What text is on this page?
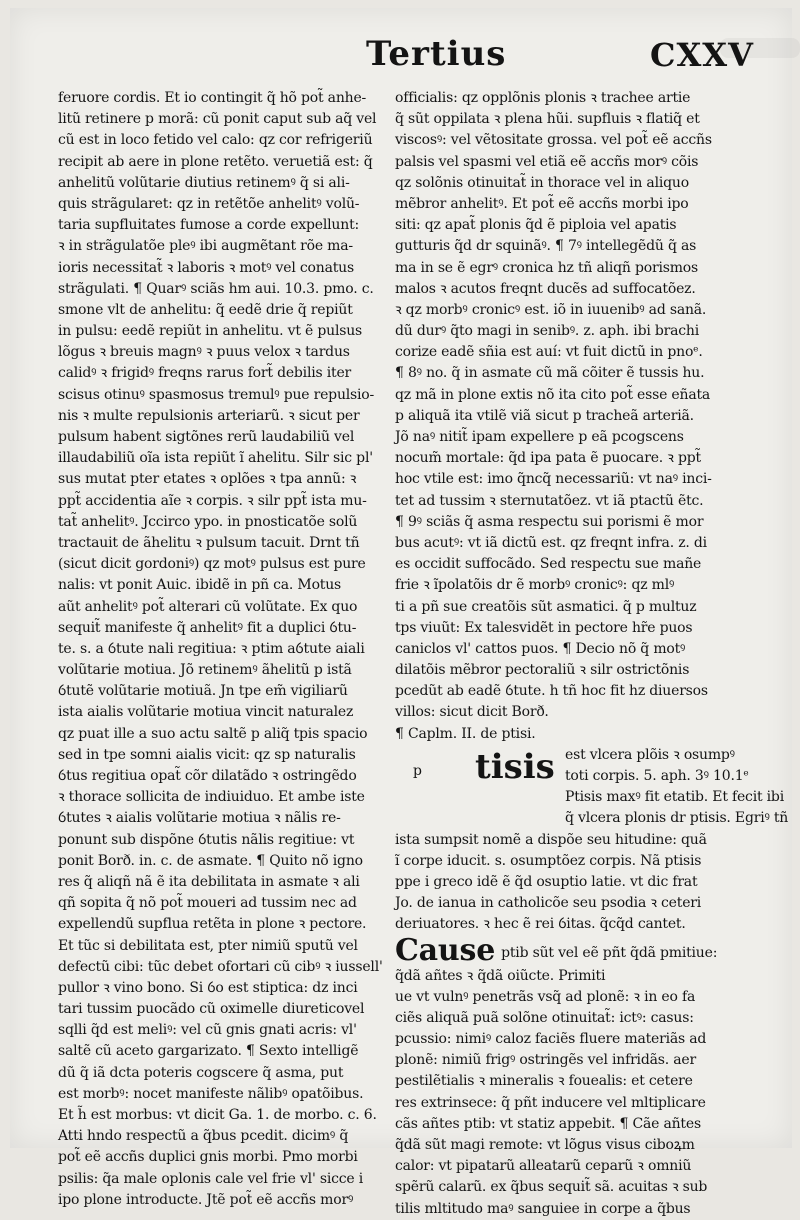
Tertius	CXXV
feruore cordis. Et io contingit q̃ hõ pot̃ anhe-
litũ retinere p morã: cũ ponit caput sub aq̃ vel
cũ est in loco fetido vel calo: qz cor refrigeriũ
recipit ab aere in plone retẽto. veruetiã est: q̃
anhelitũ volũtarie diutius retinemꝰ q̃ si ali-
quis strãgularet: qz in retẽtõe anhelitꝰ volũ-
taria supfluitates fumose a corde expellunt:
ꝛ in strãgulatõe pleꝰ ibi augmẽtant rõe ma-
ioris necessitat̃ ꝛ laboris ꝛ motꝰ vel conatus
strãgulati. ¶ Quarꝰ sciãs hm aui. 10.3. pmo. c.
smone vlt de anhelitu: q̃ eedẽ drie q̃ repiũt
in pulsu: eedẽ repiũt in anhelitu. vt ẽ pulsus
lõgus ꝛ breuis magnꝰ ꝛ puus velox ꝛ tardus
calidꝰ ꝛ frigidꝰ freqns rarus fort̃ debilis iter
scisus otinuꝰ spasmosus tremulꝰ pue repulsio-
nis ꝛ multe repulsionis arteriarũ. ꝛ sicut per
pulsum habent sigtõnes rerũ laudabiliũ vel
illaudabiliũ oĩa ista repiũt ĩ ahelitu. Silr sic pl'
sus mutat pter etates ꝛ oplões ꝛ tpa annũ: ꝛ
ppt̃ accidentia aĩe ꝛ corpis. ꝛ silr ppt̃ ista mu-
tat̃ anhelitꝰ. Jccirco ypo. in pnosticatõe solũ
tractauit de ãhelitu ꝛ pulsum tacuit. Drnt tñ
(sicut dicit gordoniꝰ) qz motꝰ pulsus est pure
nalis: vt ponit Auic. ibidẽ in pñ ca. Motus
aũt anhelitꝰ pot̃ alterari cũ volũtate. Ex quo
sequit̃ manifeste q̃ anhelitꝰ fit a duplici ỽtu-
te. s. a ỽtute nali regitiua: ꝛ ptim aỽtute aiali
volũtarie motiua. Jõ retinemꝰ ãhelitũ p istã
ỽtutẽ volũtarie motiuã. Jn tpe em̃ vigiliarũ
ista aialis volũtarie motiua vincit naturalez
qz puat ille a suo actu saltẽ p aliq̃ tpis spacio
sed in tpe somni aialis vicit: qz sp naturalis
ỽtus regitiua opat̃ cõr dilatãdo ꝛ ostringẽdo
ꝛ thorace sollicita de indiuiduo. Et ambe iste
ỽtutes ꝛ aialis volũtarie motiua ꝛ nãlis re-
ponunt sub dispõne ỽtutis nãlis regitiue: vt
ponit Borð. in. c. de asmate. ¶ Quito nõ igno
res q̃ aliqñ nã ẽ ita debilitata in asmate ꝛ ali
qñ sopita q̃ nõ pot̃ moueri ad tussim nec ad
expellendũ supflua retẽta in plone ꝛ pectore.
Et tũc si debilitata est, pter nimiũ sputũ vel
defectũ cibi: tũc debet ofortari cũ cibꝰ ꝛ iussell'
pullor ꝛ vino bono. Si ỽo est stiptica: dz inci
tari tussim puocãdo cũ oximelle diureticovel
sqlli q̃d est meliꝰ: vel cũ gnis gnati acris: vl'
saltẽ cũ aceto gargarizato. ¶ Sexto intelligẽ
dũ q̃ iã dcta poteris cogscere q̃ asma, put
est morbꝰ: nocet manifeste nãlibꝰ opatõibus.
Et h̃ est morbus: vt dicit Ga. 1. de morbo. c. 6.
Atti hndo respectũ a q̃bus pcedit. dicimꝰ q̃
pot̃ eẽ accñs duplici gnis morbi. Pmo morbi
psilis: q̃a male oplonis cale vel frie vl' sicce i
ipo plone introducte. Jtẽ pot̃ eẽ accñs morꝰ
officialis: qz opplõnis plonis ꝛ trachee artie
q̃ sũt oppilata ꝛ plena hũi. supfluis ꝛ flatiq̃ et
viscosꝰ: vel vẽtositate grossa. vel pot̃ eẽ accñs
palsis vel spasmi vel etiã eẽ accñs morꝰ cõis
qz solõnis otinuitat̃ in thorace vel in aliquo
mẽbror anhelitꝰ. Et pot̃ eẽ accñs morbi ipo
siti: qz apat̃ plonis q̃d ẽ piploia vel apatis
gutturis q̃d dr squinãꝰ. ¶ 7ꝰ intellegẽdũ q̃ as
ma in se ẽ egrꝰ cronica hz tñ aliqñ porismos
malos ꝛ acutos freqnt ducẽs ad suffocatõez.
ꝛ qz morbꝰ cronicꝰ est. iõ in iuuenibꝰ ad sanã.
dũ durꝰ q̃to magi in senibꝰ. z. aph. ibi brachi
corize eadẽ sñia est auí: vt fuit dictũ in pnoᵉ.
¶ 8ꝰ no. q̃ in asmate cũ mã cõiter ẽ tussis hu.
qz mã in plone extis nõ ita cito pot̃ esse eñata
p aliquã ita vtilẽ viã sicut p tracheã arteriã.
Jõ naꝰ nitit̃ ipam expellere p eã pcogscens
nocum̃ mortale: q̃d ipa pata ẽ puocare. ꝛ ppt̃
hoc vtile est: imo q̃ncq̃ necessariũ: vt naꝰ inci-
tet ad tussim ꝛ sternutatõez. vt iã ptactũ ẽtc.
¶ 9ꝰ sciãs q̃ asma respectu sui porismi ẽ mor
bus acutꝰ: vt iã dictũ est. qz freqnt infra. z. di
es occidit suffocãdo. Sed respectu sue mañe
frie ꝛ ĩpolatõis dr ẽ morbꝰ cronicꝰ: qz mlꝰ
ti a pñ sue creatõis sũt asmatici. q̃ p multuz
tps viuũt: Ex talesvidẽt in pectore hr̃e puos
caniclos vl' cattos puos. ¶ Decio nõ q̃ motꝰ
dilatõis mẽbror pectoraliũ ꝛ silr ostrictõnis
pcedũt ab eadẽ ỽtute. h tñ hoc fit hz diuersos
villos: sicut dicit Borð.
¶ Caplm. II. de ptisi.
p tisis est vlcera plõis ꝛ osumpꝰ
toti corpis. 5. aph. 3ꝰ 10.1ᵉ
Ptisis maxꝰ fit etatib. Et fecit ibi
q̃ vlcera plonis dr ptisis. Egriꝰ tñ
ista sumpsit nomẽ a dispõe seu hitudine: quã
ĩ corpe iducit. s. osumptõez corpis. Nã ptisis
ppe i greco idẽ ẽ q̃d osuptio latie. vt dic frat
Jo. de ianua in catholicõe seu psodia ꝛ ceteri
deriuatores. ꝛ hec ẽ rei ỽitas. q̃cq̃d cantet.
Cause ptib sũt vel eẽ pñt q̃dã pmitiue:
q̃dã añtes ꝛ q̃dã oiũcte. Primiti
ue vt vulnꝰ penetrãs vsq̃ ad plonẽ: ꝛ in eo fa
ciẽs aliquã puã solõne otinuitat̃: ictꝰ: casus:
pcussio: nimiꝰ caloz faciẽs fluere materiãs ad
plonẽ: nimiũ frigꝰ ostringẽs vel infridãs. aer
pestilẽtialis ꝛ mineralis ꝛ fouealis: et cetere
res extrinsece: q̃ pñt inducere vel mltiplicare
cãs añtes ptib: vt statiz appebit. ¶ Cãe añtes
q̃dã sũt magi remote: vt lõgus visus ciboꝝm
calor: vt pipatarũ alleatarũ ceparũ ꝛ omniũ
spẽrũ calarũ. ex q̃bus sequit̃ sã. acuitas ꝛ sub
tilis mltitudo maꝰ sanguiee in corpe a q̃bus
